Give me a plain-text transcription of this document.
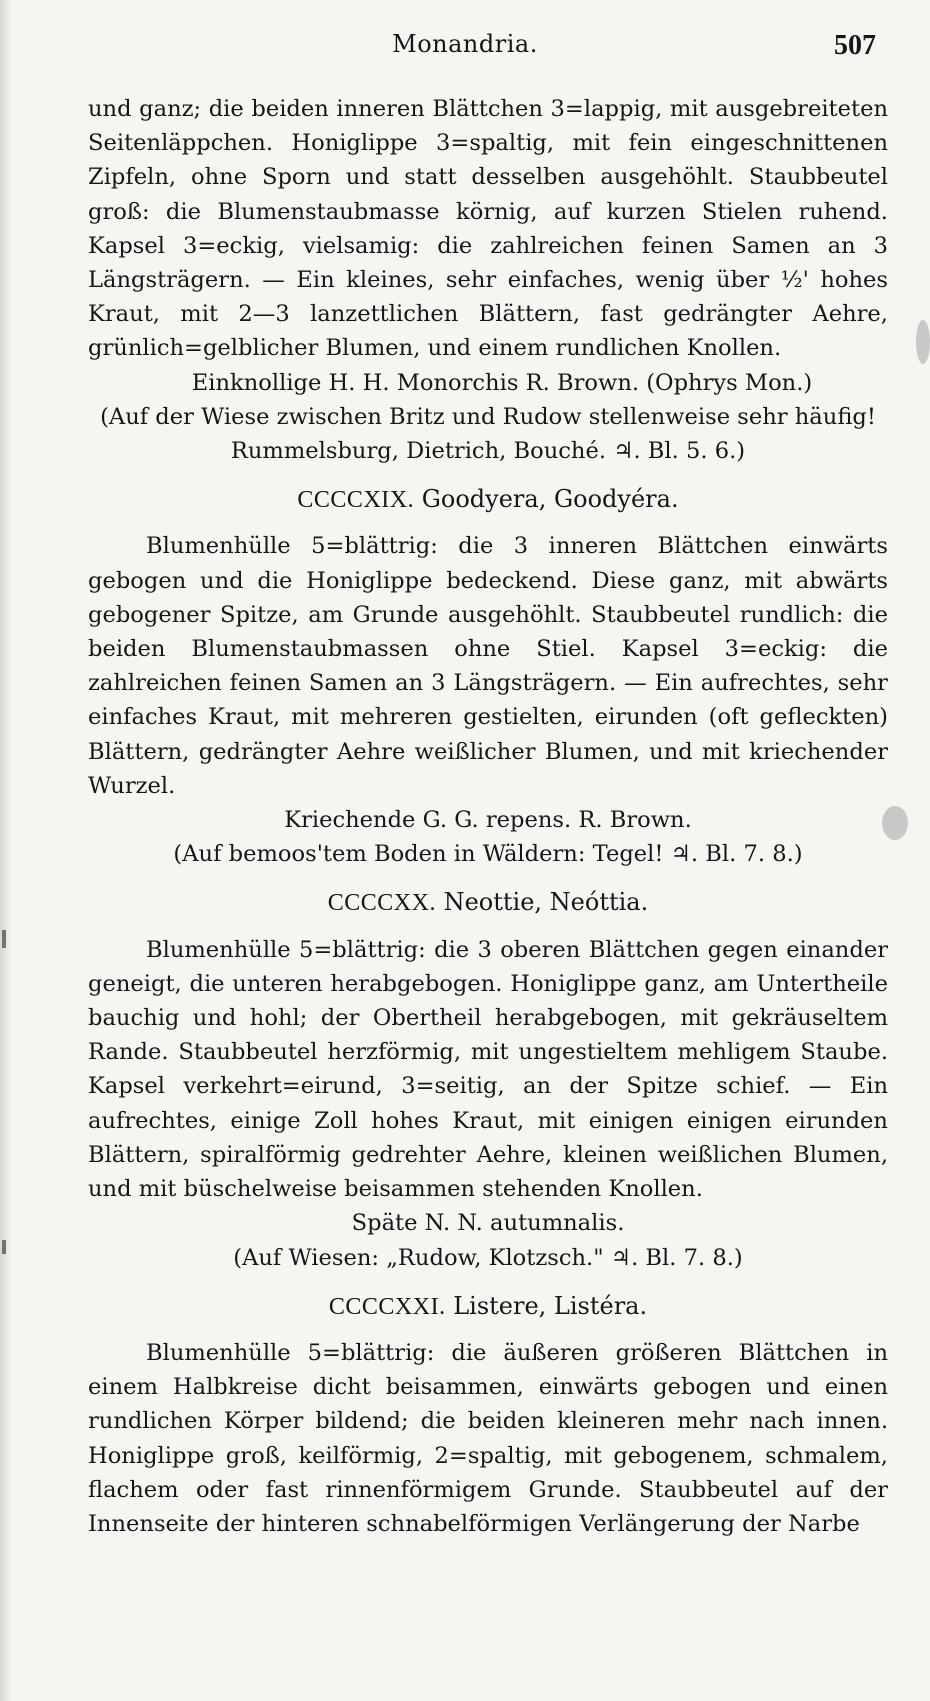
Monandria.	507

und ganz; die beiden inneren Blättchen 3=lappig, mit ausgebreiteten Seitenläppchen. Honiglippe 3=spaltig, mit fein eingeschnittenen Zipfeln, ohne Sporn und statt desselben ausgehöhlt. Staubbeutel groß: die Blumenstaubmasse körnig, auf kurzen Stielen ruhend. Kapsel 3=eckig, vielsamig: die zahlreichen feinen Samen an 3 Längsträgern. — Ein kleines, sehr einfaches, wenig über ½' hohes Kraut, mit 2—3 lanzettlichen Blättern, fast gedrängter Aehre, grünlich=gelblicher Blumen, und einem rundlichen Knollen.

Einknollige H. H. Monorchis R. Brown. (Ophrys Mon.)

(Auf der Wiese zwischen Britz und Rudow stellenweise sehr häufig! Rummelsburg, Dietrich, Bouché. ♃. Bl. 5. 6.)

CCCCXIX. Goodyera, Goodyéra.

Blumenhülle 5=blättrig: die 3 inneren Blättchen einwärts gebogen und die Honiglippe bedeckend. Diese ganz, mit abwärts gebogener Spitze, am Grunde ausgehöhlt. Staubbeutel rundlich: die beiden Blumenstaubmassen ohne Stiel. Kapsel 3=eckig: die zahlreichen feinen Samen an 3 Längsträgern. — Ein aufrechtes, sehr einfaches Kraut, mit mehreren gestielten, eirunden (oft gefleckten) Blättern, gedrängter Aehre weißlicher Blumen, und mit kriechender Wurzel.

Kriechende G. G. repens. R. Brown.

(Auf bemoos'tem Boden in Wäldern: Tegel! ♃. Bl. 7. 8.)

CCCCXX. Neottie, Neóttia.

Blumenhülle 5=blättrig: die 3 oberen Blättchen gegen einander geneigt, die unteren herabgebogen. Honiglippe ganz, am Untertheile bauchig und hohl; der Obertheil herabgebogen, mit gekräuseltem Rande. Staubbeutel herzförmig, mit ungestieltem mehligem Staube. Kapsel verkehrt=eirund, 3=seitig, an der Spitze schief. — Ein aufrechtes, einige Zoll hohes Kraut, mit einigen einigen eirunden Blättern, spiralförmig gedrehter Aehre, kleinen weißlichen Blumen, und mit büschelweise beisammen stehenden Knollen.

Späte N. N. autumnalis.

(Auf Wiesen: „Rudow, Klotzsch." ♃. Bl. 7. 8.)

CCCCXXI. Listere, Listéra.

Blumenhülle 5=blättrig: die äußeren größeren Blättchen in einem Halbkreise dicht beisammen, einwärts gebogen und einen rundlichen Körper bildend; die beiden kleineren mehr nach innen. Honiglippe groß, keilförmig, 2=spaltig, mit gebogenem, schmalem, flachem oder fast rinnenförmigem Grunde. Staubbeutel auf der Innenseite der hinteren schnabelförmigen Verlängerung der Narbe
